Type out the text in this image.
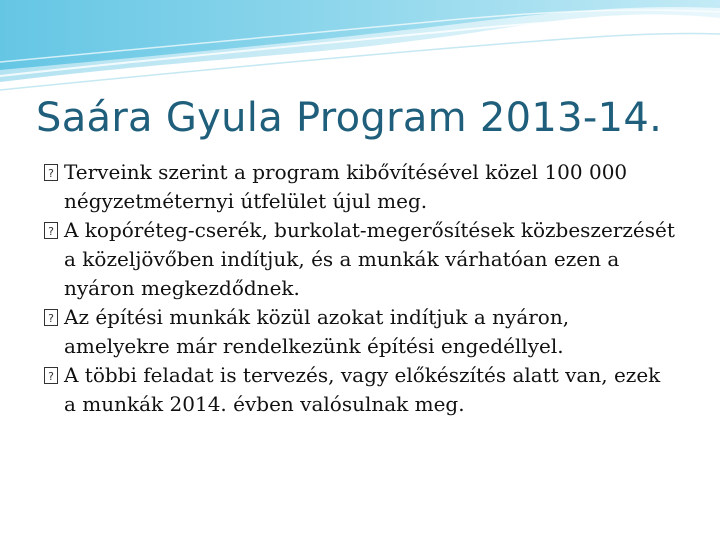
Saára Gyula Program 2013-14.
? Terveink szerint a program kibővítésével közel 100 000 négyzetméternyi útfelület újul meg.
? A kopóréteg-cserék, burkolat-megerősítések közbeszerzését a közeljövőben indítjuk, és a munkák várhatóan ezen a nyáron megkezdődnek.
? Az építési munkák közül azokat indítjuk a nyáron, amelyekre már rendelkezünk építési engedéllyel.
? A többi feladat is tervezés, vagy előkészítés alatt van, ezek a munkák 2014. évben valósulnak meg.
